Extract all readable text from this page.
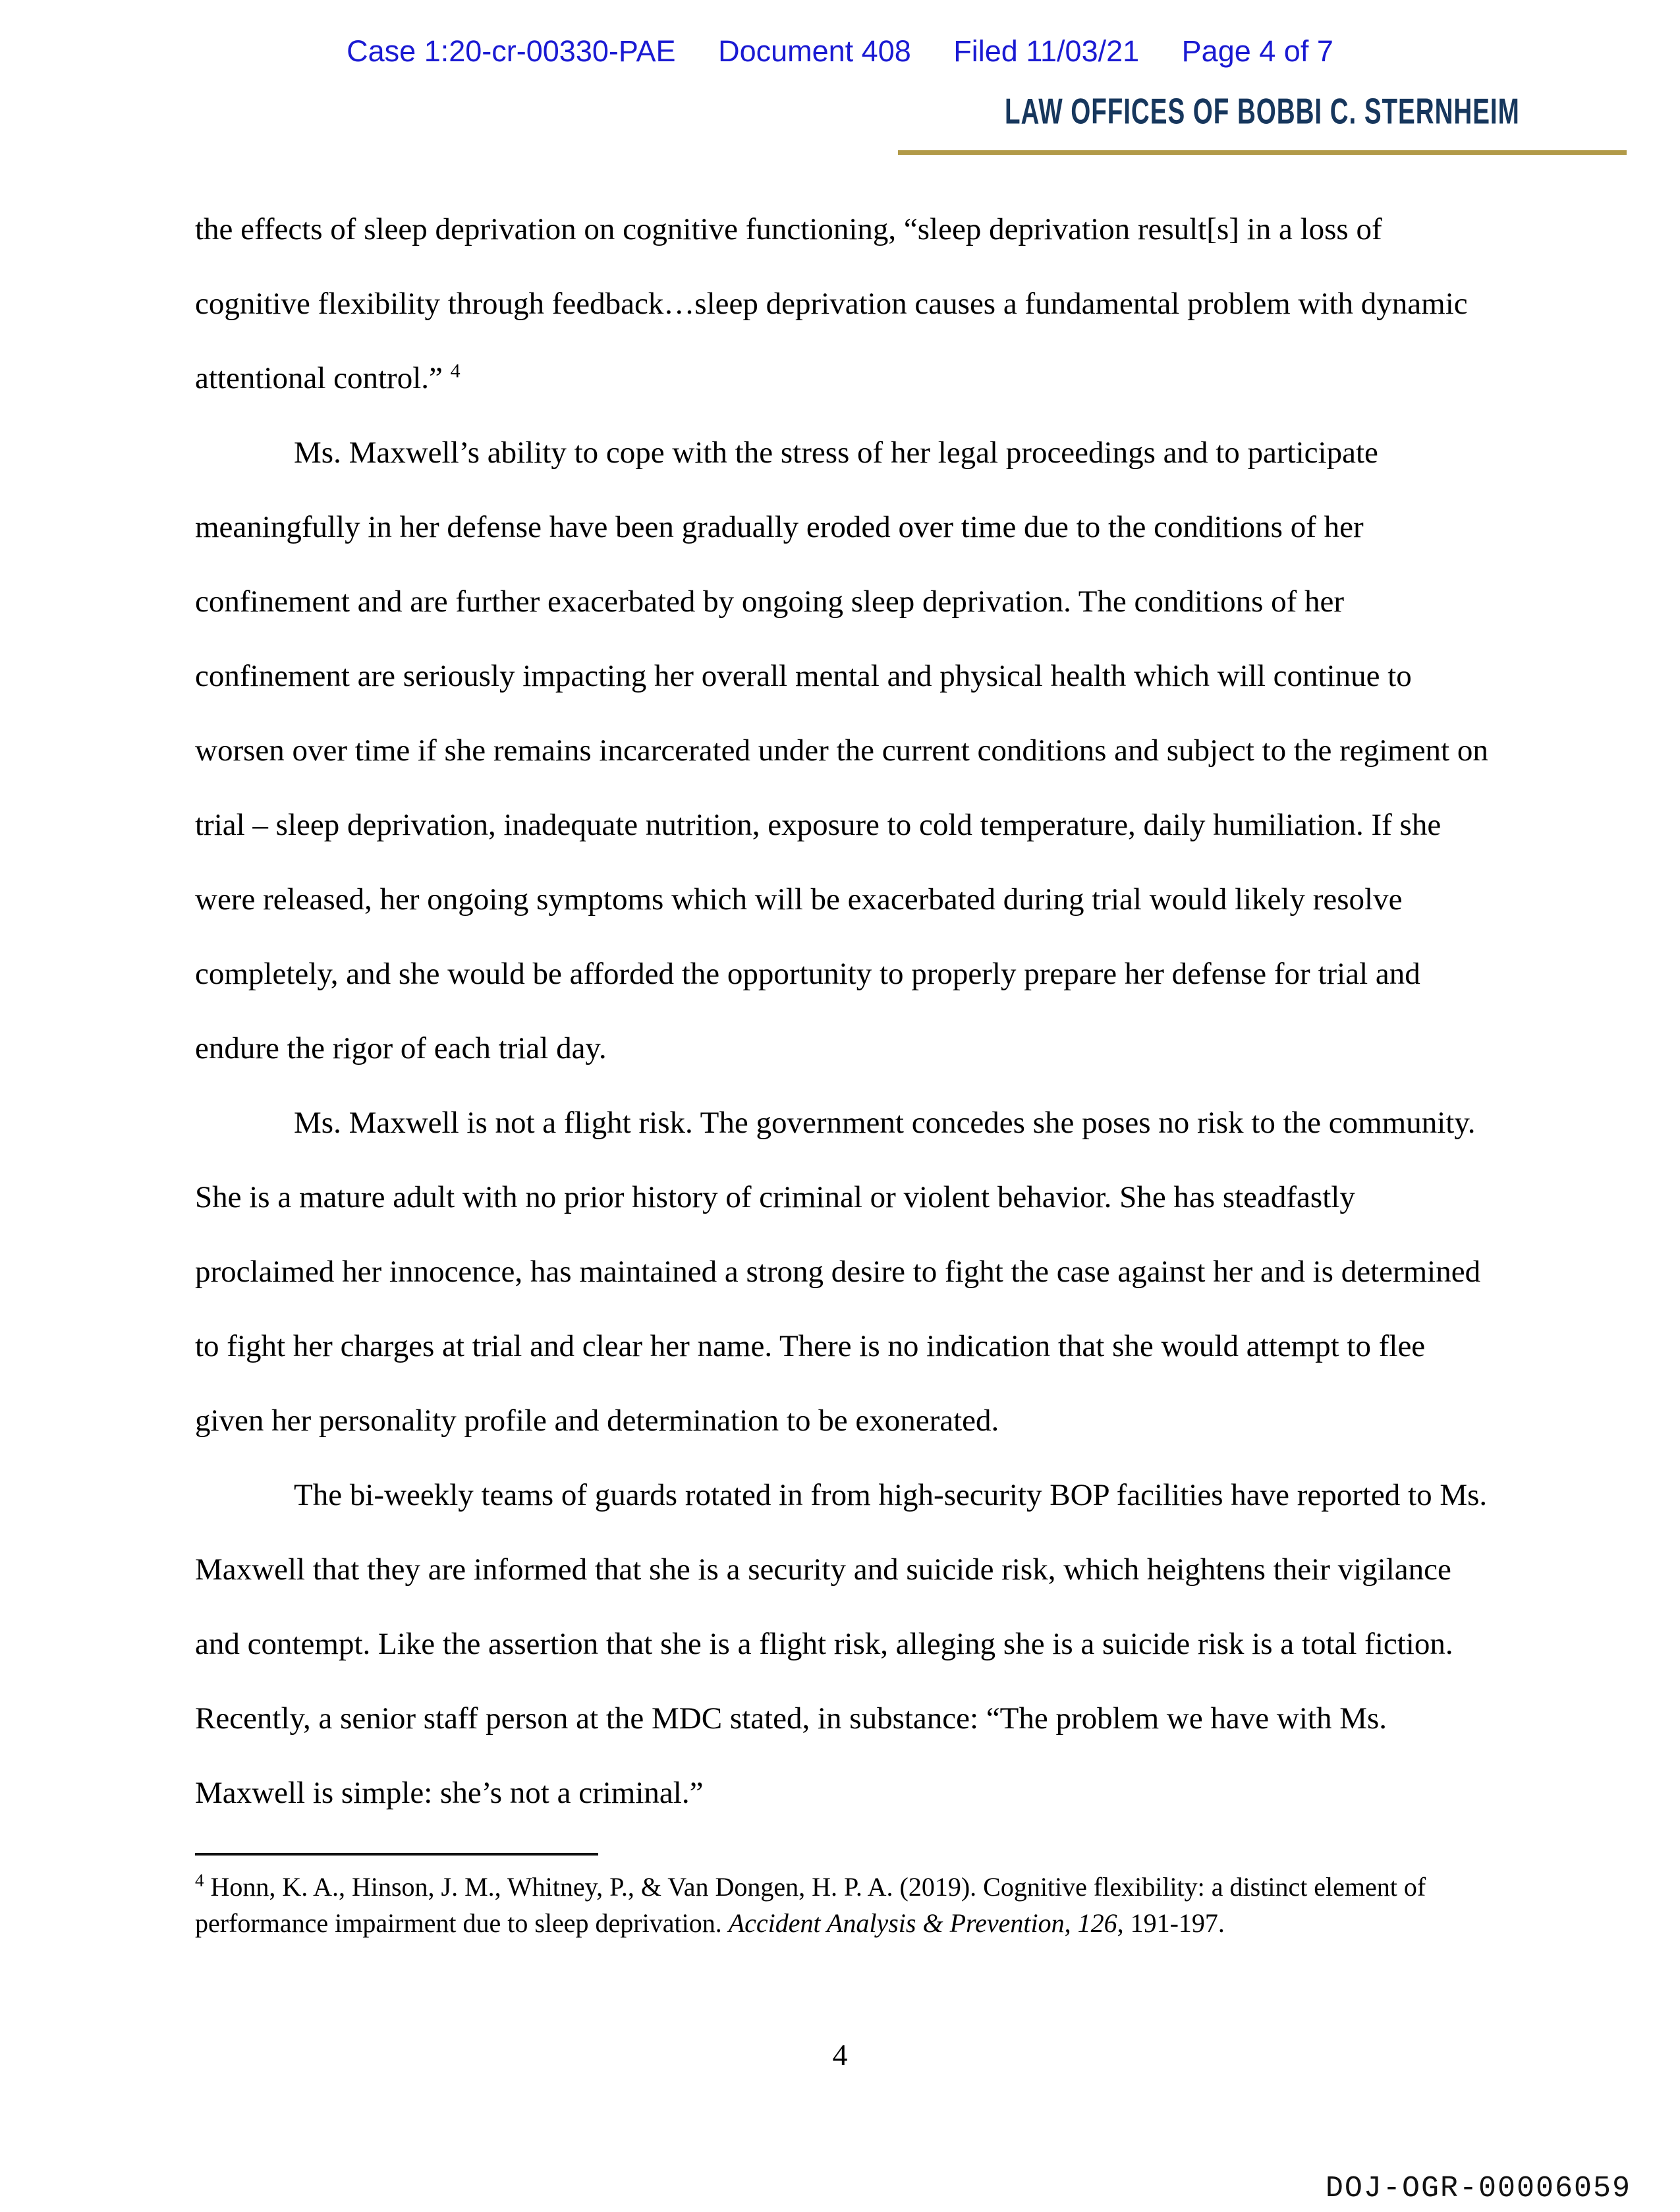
Case 1:20-cr-00330-PAE Document 408 Filed 11/03/21 Page 4 of 7
LAW OFFICES OF BOBBI C. STERNHEIM

the effects of sleep deprivation on cognitive functioning, “sleep deprivation result[s] in a loss of cognitive flexibility through feedback…sleep deprivation causes a fundamental problem with dynamic attentional control.” $^4$

Ms. Maxwell’s ability to cope with the stress of her legal proceedings and to participate meaningfully in her defense have been gradually eroded over time due to the conditions of her confinement and are further exacerbated by ongoing sleep deprivation. The conditions of her confinement are seriously impacting her overall mental and physical health which will continue to worsen over time if she remains incarcerated under the current conditions and subject to the regiment on trial – sleep deprivation, inadequate nutrition, exposure to cold temperature, daily humiliation. If she were released, her ongoing symptoms which will be exacerbated during trial would likely resolve completely, and she would be afforded the opportunity to properly prepare her defense for trial and endure the rigor of each trial day.

Ms. Maxwell is not a flight risk. The government concedes she poses no risk to the community. She is a mature adult with no prior history of criminal or violent behavior. She has steadfastly proclaimed her innocence, has maintained a strong desire to fight the case against her and is determined to fight her charges at trial and clear her name. There is no indication that she would attempt to flee given her personality profile and determination to be exonerated.

The bi-weekly teams of guards rotated in from high-security BOP facilities have reported to Ms. Maxwell that they are informed that she is a security and suicide risk, which heightens their vigilance and contempt. Like the assertion that she is a flight risk, alleging she is a suicide risk is a total fiction. Recently, a senior staff person at the MDC stated, in substance: “The problem we have with Ms. Maxwell is simple: she’s not a criminal.”

$^4$ Honn, K. A., Hinson, J. M., Whitney, P., & Van Dongen, H. P. A. (2019). Cognitive flexibility: a distinct element of performance impairment due to sleep deprivation. Accident Analysis & Prevention, 126, 191-197.
4
DOJ-OGR-00006059
